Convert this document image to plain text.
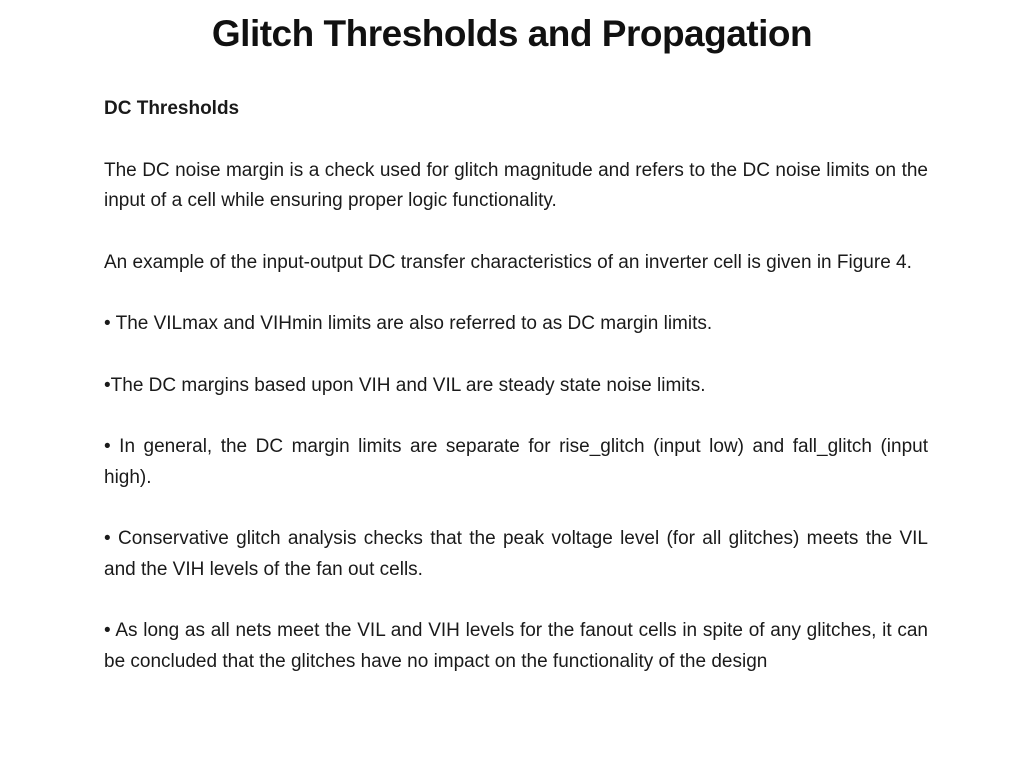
Glitch Thresholds and Propagation
DC Thresholds
The DC noise margin is a check used for glitch magnitude and refers to the DC noise limits on the input of a cell while ensuring proper logic functionality.
An example of the input-output DC transfer characteristics of an inverter cell is given in Figure 4.
• The VILmax and VIHmin limits are also referred to as DC margin limits.
•The DC margins based upon VIH and VIL are steady state noise limits.
• In general, the DC margin limits are separate for rise_glitch (input low) and fall_glitch (input high).
• Conservative glitch analysis checks that the peak voltage level (for all glitches) meets the VIL and the VIH levels of the fan out cells.
• As long as all nets meet the VIL and VIH levels for the fanout cells in spite of any glitches, it can be concluded that the glitches have no impact on the functionality of the design
